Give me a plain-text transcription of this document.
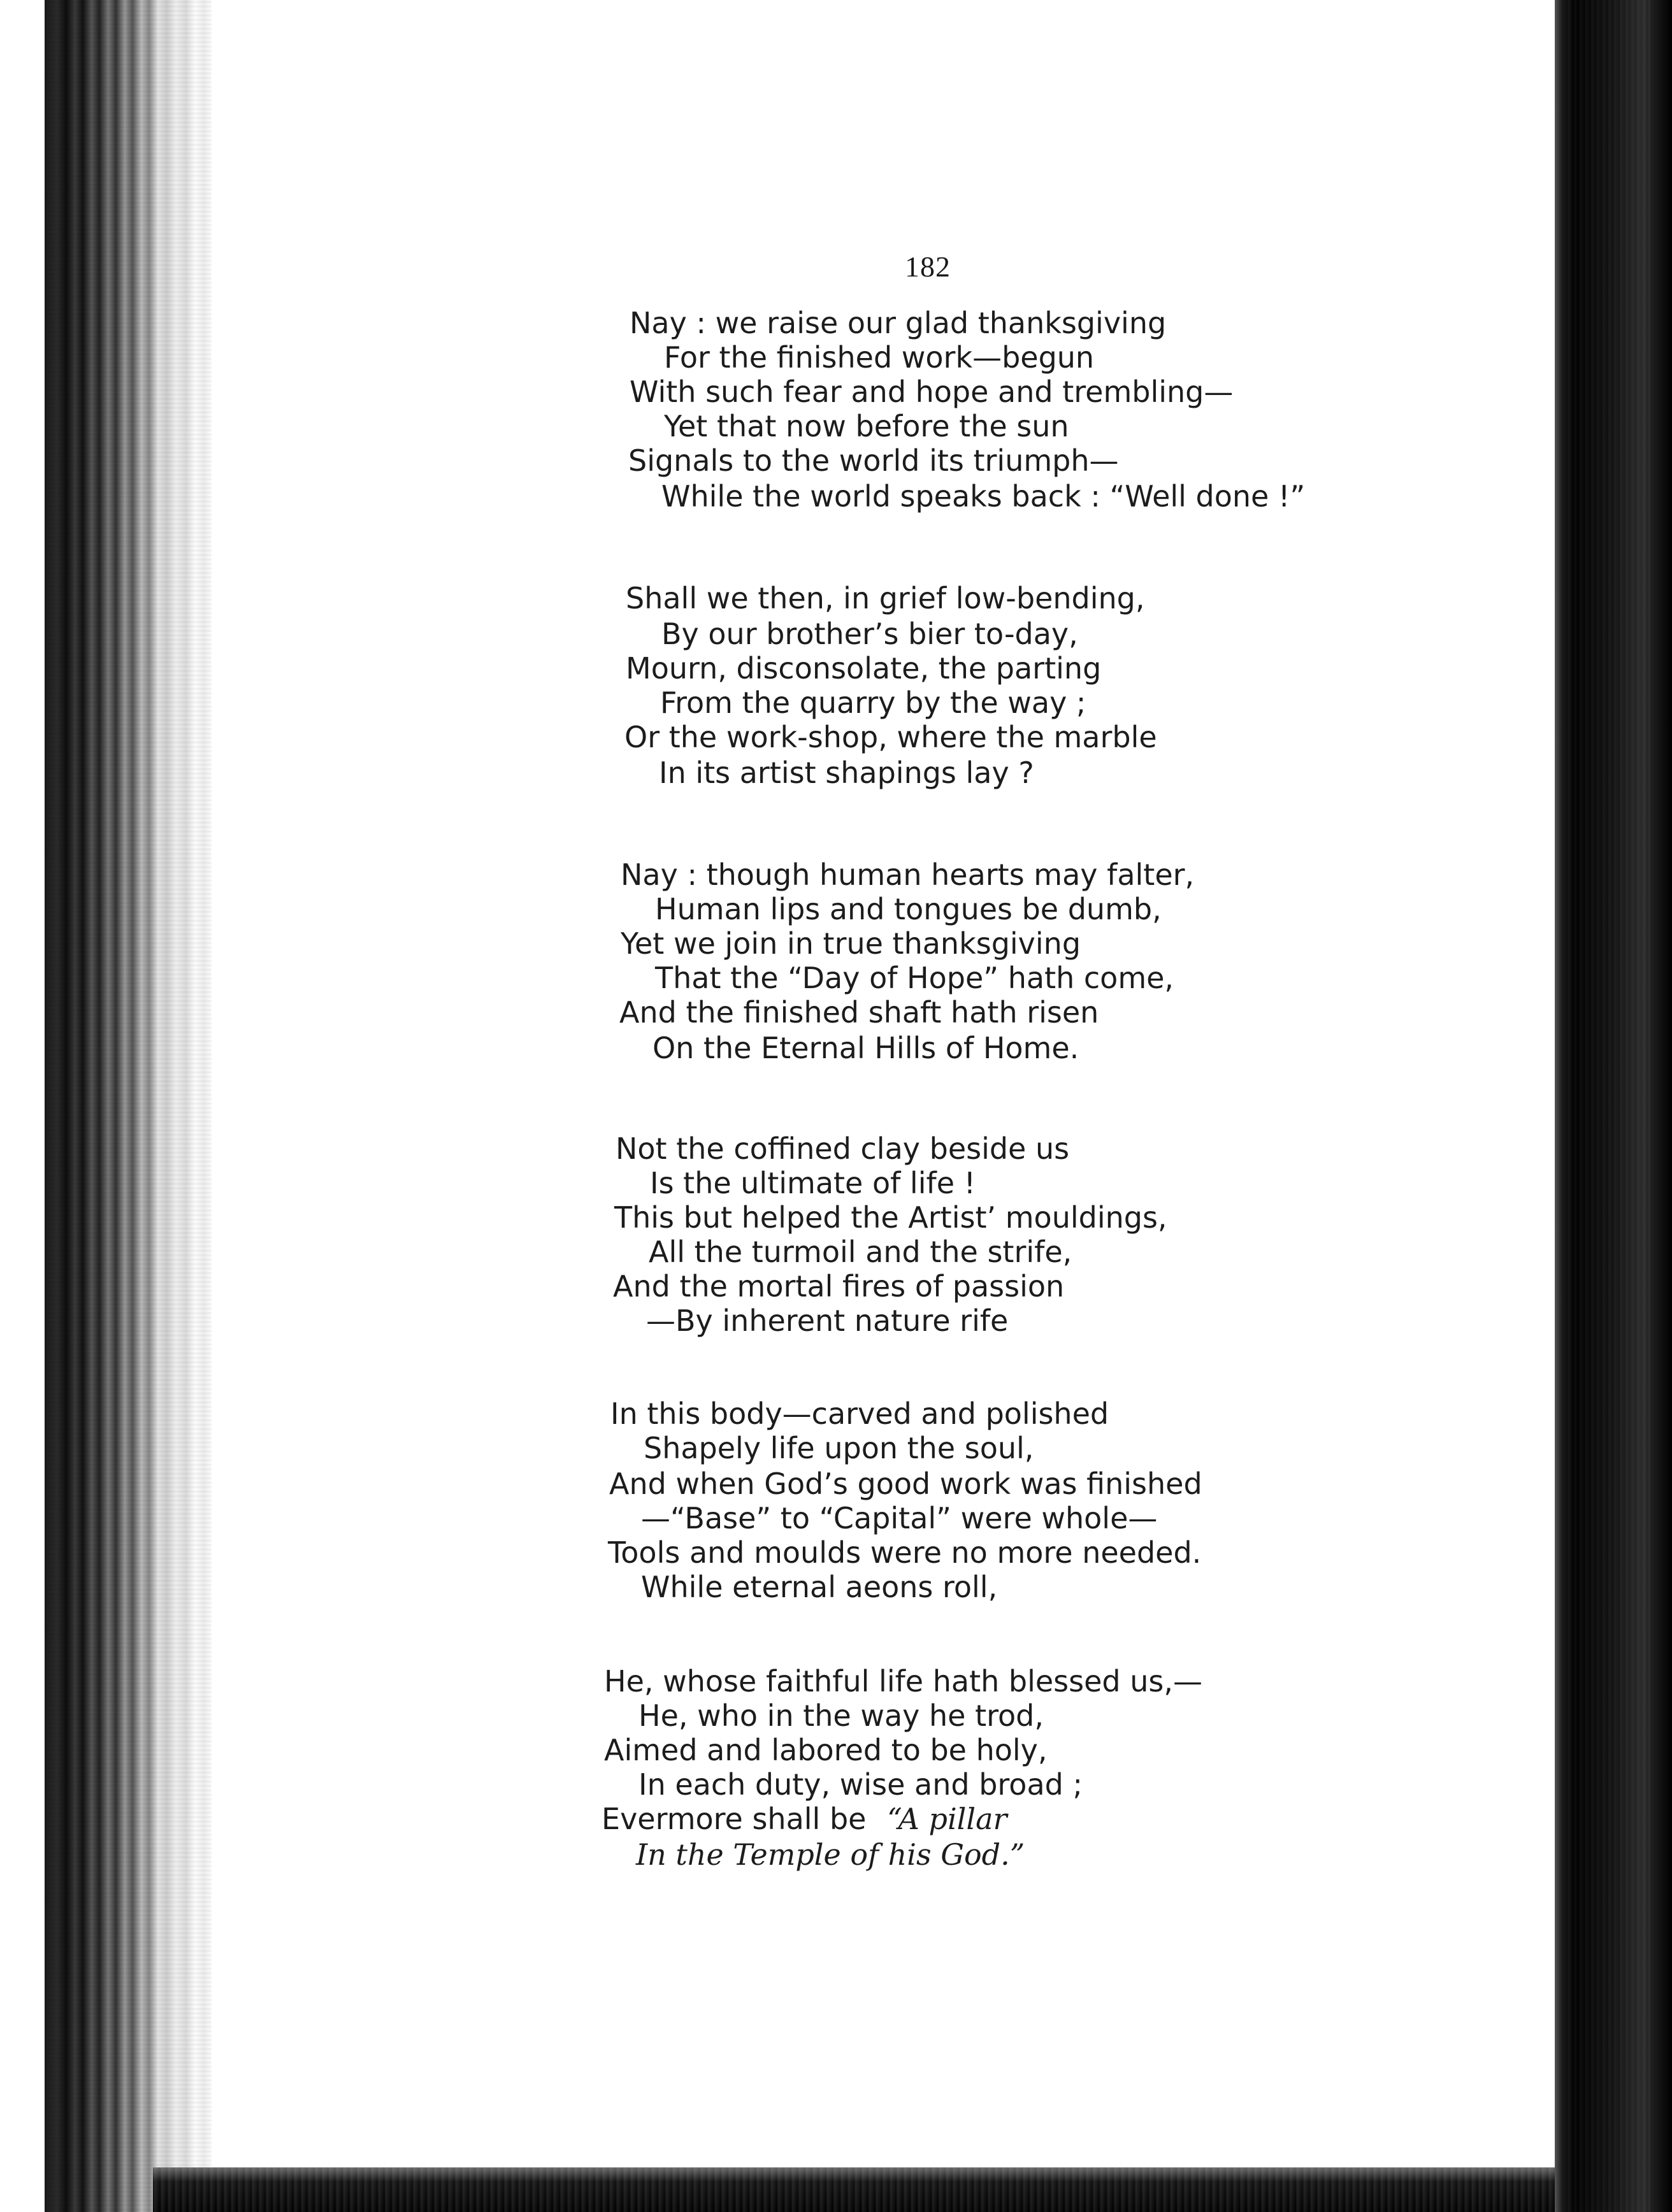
182
Nay : we raise our glad thanksgiving
For the finished work—begun
With such fear and hope and trembling—
Yet that now before the sun
Signals to the world its triumph—
While the world speaks back : “Well done !”
Shall we then, in grief low-bending,
By our brother’s bier to-day,
Mourn, disconsolate, the parting
From the quarry by the way ;
Or the work-shop, where the marble
In its artist shapings lay ?
Nay : though human hearts may falter,
Human lips and tongues be dumb,
Yet we join in true thanksgiving
That the “Day of Hope” hath come,
And the finished shaft hath risen
On the Eternal Hills of Home.
Not the coffined clay beside us
Is the ultimate of life !
This but helped the Artist’ mouldings,
All the turmoil and the strife,
And the mortal fires of passion
—By inherent nature rife
In this body—carved and polished
Shapely life upon the soul,
And when God’s good work was finished
—“Base” to “Capital” were whole—
Tools and moulds were no more needed.
While eternal aeons roll,
He, whose faithful life hath blessed us,—
He, who in the way he trod,
Aimed and labored to be holy,
In each duty, wise and broad ;
Evermore shall be “A pillar
In the Temple of his God.”
